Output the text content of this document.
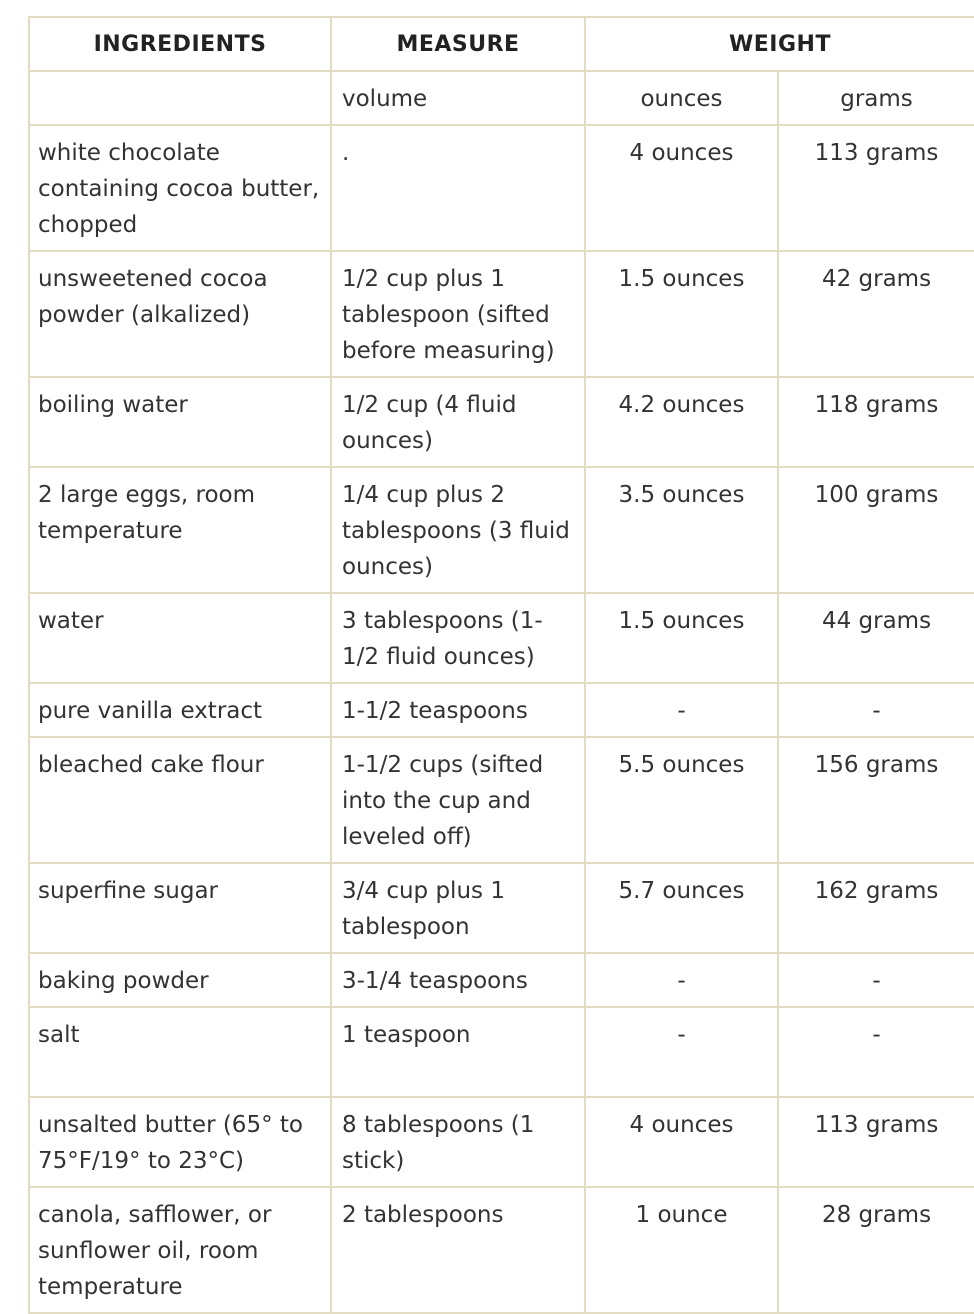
INGREDIENTS	MEASURE	WEIGHT	
	volume	ounces	grams
white chocolate containing cocoa butter, chopped	.	4 ounces	113 grams
unsweetened cocoa powder (alkalized)	1/2 cup plus 1 tablespoon (sifted before measuring)	1.5 ounces	42 grams
boiling water	1/2 cup (4 fluid ounces)	4.2 ounces	118 grams
2 large eggs, room temperature	1/4 cup plus 2 tablespoons (3 fluid ounces)	3.5 ounces	100 grams
water	3 tablespoons (1-1/2 fluid ounces)	1.5 ounces	44 grams
pure vanilla extract	1-1/2 teaspoons	-	-
bleached cake flour	1-1/2 cups (sifted into the cup and leveled off)	5.5 ounces	156 grams
superfine sugar	3/4 cup plus 1 tablespoon	5.7 ounces	162 grams
baking powder	3-1/4 teaspoons	-	-
salt	1 teaspoon	-	-
unsalted butter (65° to 75°F/19° to 23°C)	8 tablespoons (1 stick)	4 ounces	113 grams
canola, safflower, or sunflower oil, room temperature	2 tablespoons	1 ounce	28 grams
